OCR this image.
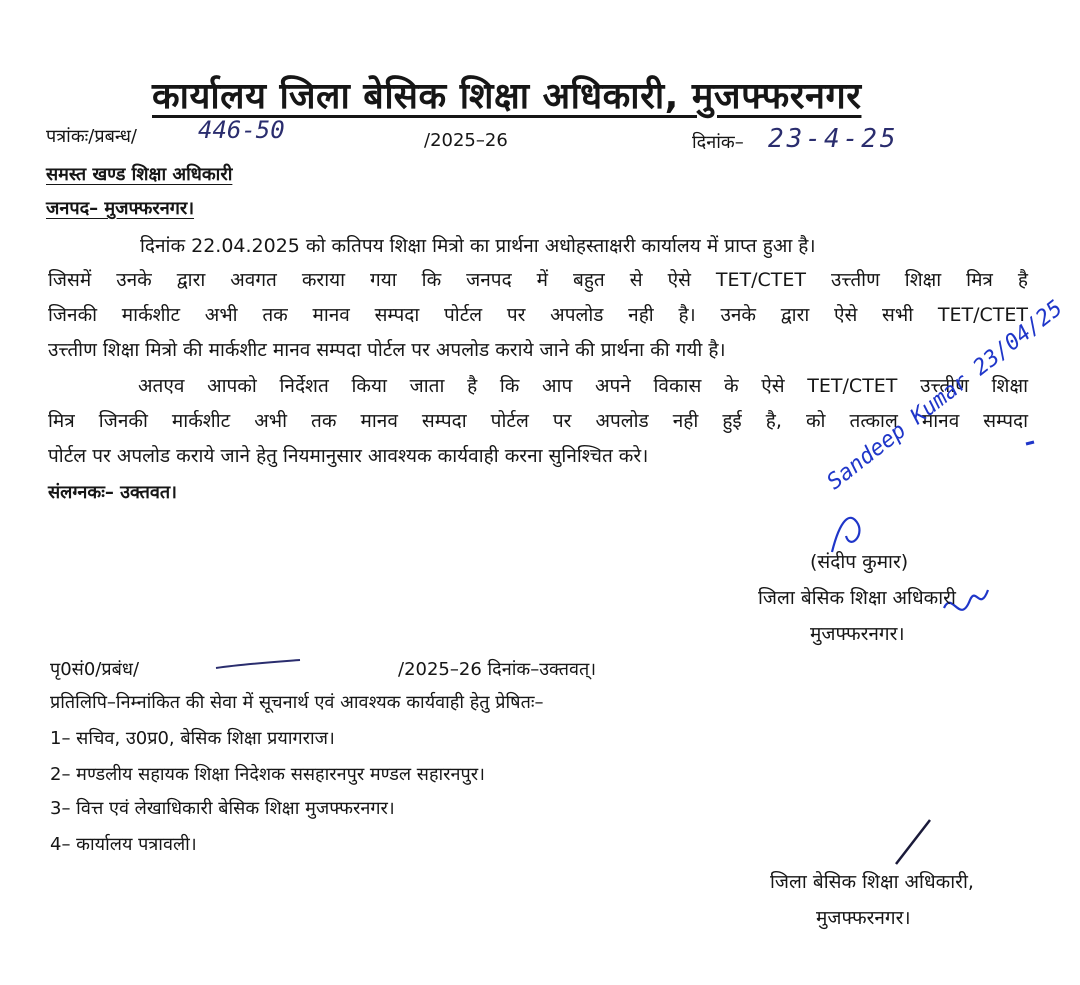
कार्यालय जिला बेसिक शिक्षा अधिकारी, मुजफ्फरनगर
पत्रांकः/प्रबन्ध/	446-50	/2025–26	दिनांक– 23-4-25
समस्त खण्ड शिक्षा अधिकारी
जनपद– मुजफ्फरनगर।
दिनांक 22.04.2025 को कतिपय शिक्षा मित्रो का प्रार्थना अधोहस्ताक्षरी कार्यालय में प्राप्त हुआ है।
जिसमें उनके द्वारा अवगत कराया गया कि जनपद में बहुत से ऐसे TET/CTET उत्त्तीण शिक्षा मित्र है
जिनकी मार्कशीट अभी तक मानव सम्पदा पोर्टल पर अपलोड नही है। उनके द्वारा ऐसे सभी TET/CTET
उत्त्तीण शिक्षा मित्रो की मार्कशीट मानव सम्पदा पोर्टल पर अपलोड कराये जाने की प्रार्थना की गयी है।
अतएव आपको निर्देशत किया जाता है कि आप अपने विकास के ऐसे TET/CTET उत्त्तीण शिक्षा
मित्र जिनकी मार्कशीट अभी तक मानव सम्पदा पोर्टल पर अपलोड नही हुई है, को तत्काल मानव सम्पदा
पोर्टल पर अपलोड कराये जाने हेतु नियमानुसार आवश्यक कार्यवाही करना सुनिश्चित करे।
संलग्नकः– उक्तवत।	Sandeep Kumar 23/04/25
(संदीप कुमार)
जिला बेसिक शिक्षा अधिकारी
मुजफ्फरनगर।
पृ0सं0/प्रबंध/	/2025–26 दिनांक–उक्तवत्।
प्रतिलिपि–निम्नांकित की सेवा में सूचनार्थ एवं आवश्यक कार्यवाही हेतु प्रेषितः–
1– सचिव, उ0प्र0, बेसिक शिक्षा प्रयागराज।
2– मण्डलीय सहायक शिक्षा निदेशक ससहारनपुर मण्डल सहारनपुर।
3– वित्त एवं लेखाधिकारी बेसिक शिक्षा मुजफ्फरनगर।
4– कार्यालय पत्रावली।
जिला बेसिक शिक्षा अधिकारी,
मुजफ्फरनगर।
